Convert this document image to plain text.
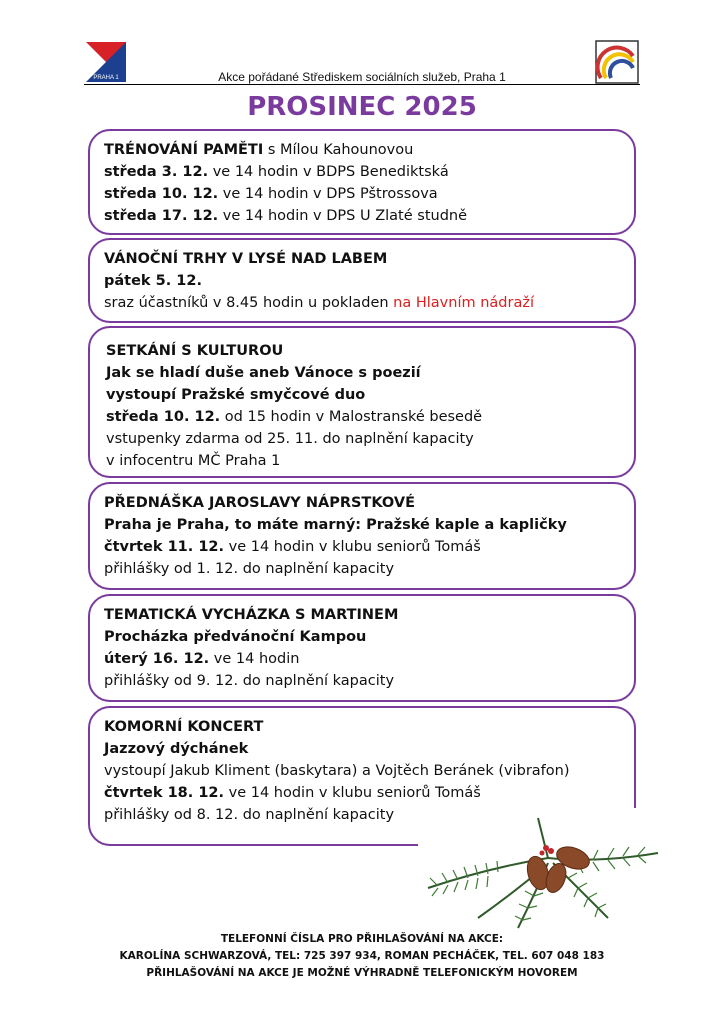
PRAHA 1	Akce pořádané Střediskem sociálních služeb, Praha 1
PROSINEC 2025
TRÉNOVÁNÍ PAMĚTI s Mílou Kahounovou
středa 3. 12. ve 14 hodin v BDPS Benediktská
středa 10. 12. ve 14 hodin v DPS Pštrossova
středa 17. 12. ve 14 hodin v DPS U Zlaté studně
VÁNOČNÍ TRHY V LYSÉ NAD LABEM
pátek 5. 12.
sraz účastníků v 8.45 hodin u pokladen na Hlavním nádraží
SETKÁNÍ S KULTUROU
Jak se hladí duše aneb Vánoce s poezií
vystoupí Pražské smyčcové duo
středa 10. 12. od 15 hodin v Malostranské besedě
vstupenky zdarma od 25. 11. do naplnění kapacity
v infocentru MČ Praha 1
PŘEDNÁŠKA JAROSLAVY NÁPRSTKOVÉ
Praha je Praha, to máte marný: Pražské kaple a kapličky
čtvrtek 11. 12. ve 14 hodin v klubu seniorů Tomáš
přihlášky od 1. 12. do naplnění kapacity
TEMATICKÁ VYCHÁZKA S MARTINEM
Procházka předvánoční Kampou
úterý 16. 12. ve 14 hodin
přihlášky od 9. 12. do naplnění kapacity
KOMORNÍ KONCERT
Jazzový dýchánek
vystoupí Jakub Kliment (baskytara) a Vojtěch Beránek (vibrafon)
čtvrtek 18. 12. ve 14 hodin v klubu seniorů Tomáš
přihlášky od 8. 12. do naplnění kapacity
TELEFONNÍ ČÍSLA PRO PŘIHLAŠOVÁNÍ NA AKCE:
KAROLÍNA SCHWARZOVÁ, TEL: 725 397 934, ROMAN PECHÁČEK, TEL. 607 048 183
PŘIHLAŠOVÁNÍ NA AKCE JE MOŽNÉ VÝHRADNĚ TELEFONICKÝM HOVOREM
